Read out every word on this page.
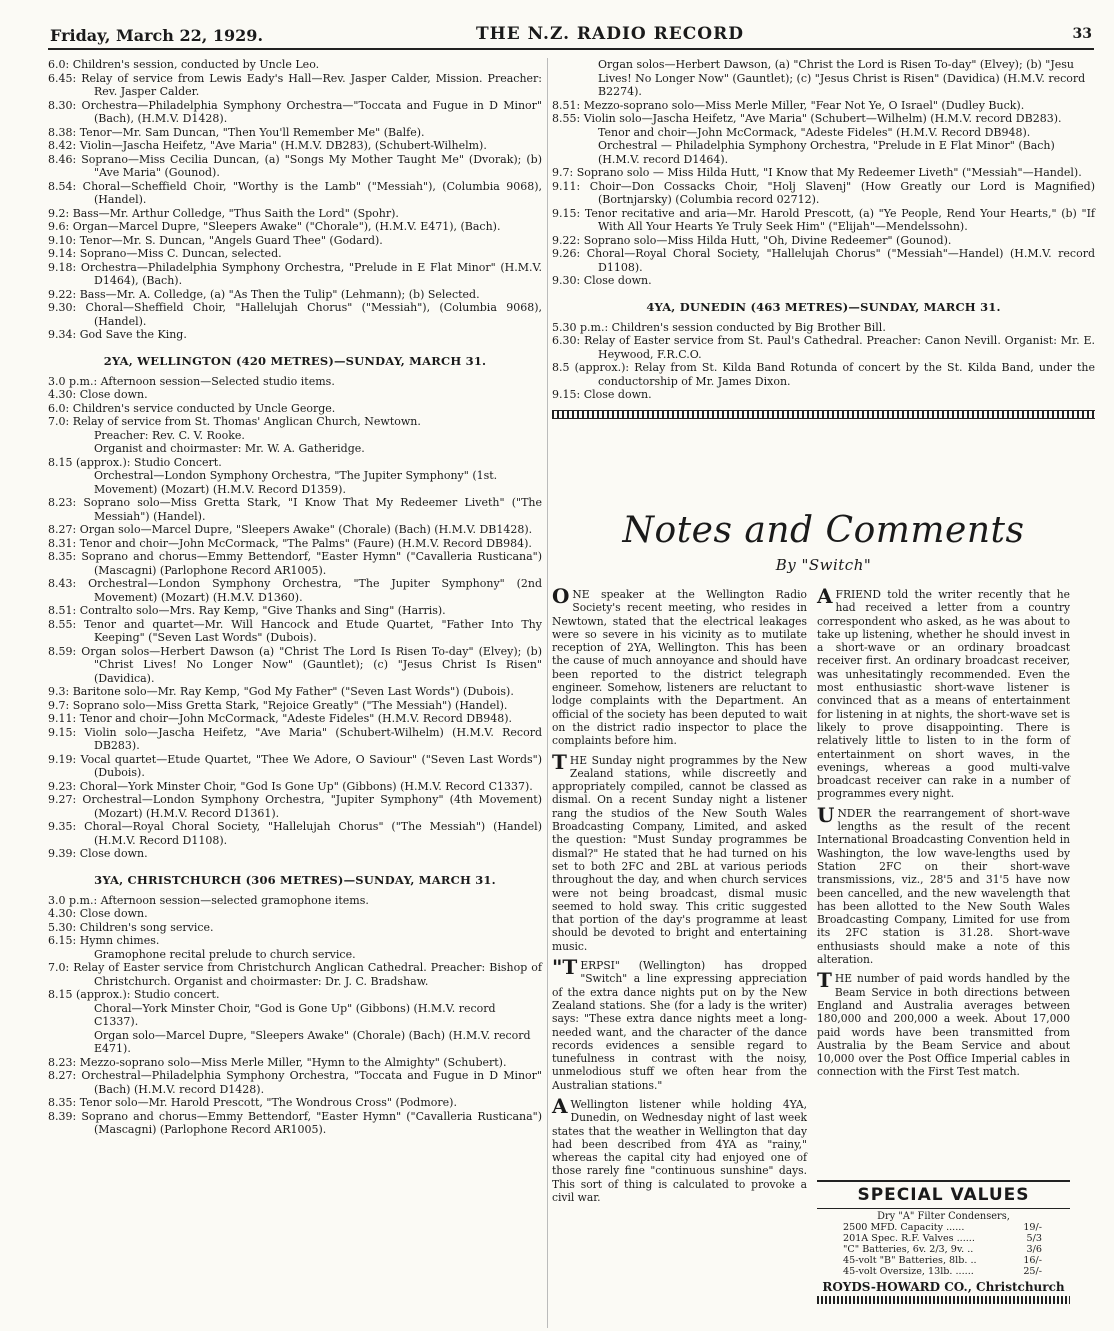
Friday, March 22, 1929.	THE N.Z. RADIO RECORD	33
6.0: Children's session, conducted by Uncle Leo.
6.45: Relay of service from Lewis Eady's Hall—Rev. Jasper Calder, Mission. Preacher: Rev. Jasper Calder.
8.30: Orchestra—Philadelphia Symphony Orchestra—"Toccata and Fugue in D Minor" (Bach), (H.M.V. D1428).
8.38: Tenor—Mr. Sam Duncan, "Then You'll Remember Me" (Balfe).
8.42: Violin—Jascha Heifetz, "Ave Maria" (H.M.V. DB283), (Schubert-Wilhelm).
8.46: Soprano—Miss Cecilia Duncan, (a) "Songs My Mother Taught Me" (Dvorak); (b) "Ave Maria" (Gounod).
8.54: Choral—Scheffield Choir, "Worthy is the Lamb" ("Messiah"), (Columbia 9068), (Handel).
9.2: Bass—Mr. Arthur Colledge, "Thus Saith the Lord" (Spohr).
9.6: Organ—Marcel Dupre, "Sleepers Awake" ("Chorale"), (H.M.V. E471), (Bach).
9.10: Tenor—Mr. S. Duncan, "Angels Guard Thee" (Godard).
9.14: Soprano—Miss C. Duncan, selected.
9.18: Orchestra—Philadelphia Symphony Orchestra, "Prelude in E Flat Minor" (H.M.V. D1464), (Bach).
9.22: Bass—Mr. A. Colledge, (a) "As Then the Tulip" (Lehmann); (b) Selected.
9.30: Choral—Sheffield Choir, "Hallelujah Chorus" ("Messiah"), (Columbia 9068), (Handel).
9.34: God Save the King.
2YA, WELLINGTON (420 METRES)—SUNDAY, MARCH 31.
3.0 p.m.: Afternoon session—Selected studio items.
4.30: Close down.
6.0: Children's service conducted by Uncle George.
7.0: Relay of service from St. Thomas' Anglican Church, Newtown.
Preacher: Rev. C. V. Rooke.
Organist and choirmaster: Mr. W. A. Gatheridge.
8.15 (approx.): Studio Concert.
Orchestral—London Symphony Orchestra, "The Jupiter Symphony" (1st. Movement) (Mozart) (H.M.V. Record D1359).
8.23: Soprano solo—Miss Gretta Stark, "I Know That My Redeemer Liveth" ("The Messiah") (Handel).
8.27: Organ solo—Marcel Dupre, "Sleepers Awake" (Chorale) (Bach) (H.M.V. DB1428).
8.31: Tenor and choir—John McCormack, "The Palms" (Faure) (H.M.V. Record DB984).
8.35: Soprano and chorus—Emmy Bettendorf, "Easter Hymn" ("Cavalleria Rusticana") (Mascagni) (Parlophone Record AR1005).
8.43: Orchestral—London Symphony Orchestra, "The Jupiter Symphony" (2nd Movement) (Mozart) (H.M.V. D1360).
8.51: Contralto solo—Mrs. Ray Kemp, "Give Thanks and Sing" (Harris).
8.55: Tenor and quartet—Mr. Will Hancock and Etude Quartet, "Father Into Thy Keeping" ("Seven Last Words" (Dubois).
8.59: Organ solos—Herbert Dawson (a) "Christ The Lord Is Risen To-day" (Elvey); (b) "Christ Lives! No Longer Now" (Gauntlet); (c) "Jesus Christ Is Risen" (Davidica).
9.3: Baritone solo—Mr. Ray Kemp, "God My Father" ("Seven Last Words") (Dubois).
9.7: Soprano solo—Miss Gretta Stark, "Rejoice Greatly" ("The Messiah") (Handel).
9.11: Tenor and choir—John McCormack, "Adeste Fideles" (H.M.V. Record DB948).
9.15: Violin solo—Jascha Heifetz, "Ave Maria" (Schubert-Wilhelm) (H.M.V. Record DB283).
9.19: Vocal quartet—Etude Quartet, "Thee We Adore, O Saviour" ("Seven Last Words") (Dubois).
9.23: Choral—York Minster Choir, "God Is Gone Up" (Gibbons) (H.M.V. Record C1337).
9.27: Orchestral—London Symphony Orchestra, "Jupiter Symphony" (4th Movement) (Mozart) (H.M.V. Record D1361).
9.35: Choral—Royal Choral Society, "Hallelujah Chorus" ("The Messiah") (Handel) (H.M.V. Record D1108).
9.39: Close down.
3YA, CHRISTCHURCH (306 METRES)—SUNDAY, MARCH 31.
3.0 p.m.: Afternoon session—selected gramophone items.
4.30: Close down.
5.30: Children's song service.
6.15: Hymn chimes.
Gramophone recital prelude to church service.
7.0: Relay of Easter service from Christchurch Anglican Cathedral. Preacher: Bishop of Christchurch. Organist and choirmaster: Dr. J. C. Bradshaw.
8.15 (approx.): Studio concert.
Choral—York Minster Choir, "God is Gone Up" (Gibbons) (H.M.V. record C1337).
Organ solo—Marcel Dupre, "Sleepers Awake" (Chorale) (Bach) (H.M.V. record E471).
8.23: Mezzo-soprano solo—Miss Merle Miller, "Hymn to the Almighty" (Schubert).
8.27: Orchestral—Philadelphia Symphony Orchestra, "Toccata and Fugue in D Minor" (Bach) (H.M.V. record D1428).
8.35: Tenor solo—Mr. Harold Prescott, "The Wondrous Cross" (Podmore).
8.39: Soprano and chorus—Emmy Bettendorf, "Easter Hymn" ("Cavalleria Rusticana") (Mascagni) (Parlophone Record AR1005).
Organ solos—Herbert Dawson, (a) "Christ the Lord is Risen To-day" (Elvey); (b) "Jesu Lives! No Longer Now" (Gauntlet); (c) "Jesus Christ is Risen" (Davidica) (H.M.V. record B2274).
8.51: Mezzo-soprano solo—Miss Merle Miller, "Fear Not Ye, O Israel" (Dudley Buck).
8.55: Violin solo—Jascha Heifetz, "Ave Maria" (Schubert—Wilhelm) (H.M.V. record DB283).
Tenor and choir—John McCormack, "Adeste Fideles" (H.M.V. Record DB948).
Orchestral — Philadelphia Symphony Orchestra, "Prelude in E Flat Minor" (Bach) (H.M.V. record D1464).
9.7: Soprano solo — Miss Hilda Hutt, "I Know that My Redeemer Liveth" ("Messiah"—Handel).
9.11: Choir—Don Cossacks Choir, "Holj Slavenj" (How Greatly our Lord is Magnified) (Bortnjarsky) (Columbia record 02712).
9.15: Tenor recitative and aria—Mr. Harold Prescott, (a) "Ye People, Rend Your Hearts," (b) "If With All Your Hearts Ye Truly Seek Him" ("Elijah"—Mendelssohn).
9.22: Soprano solo—Miss Hilda Hutt, "Oh, Divine Redeemer" (Gounod).
9.26: Choral—Royal Choral Society, "Hallelujah Chorus" ("Messiah"—Handel) (H.M.V. record D1108).
9.30: Close down.
4YA, DUNEDIN (463 METRES)—SUNDAY, MARCH 31.
5.30 p.m.: Children's session conducted by Big Brother Bill.
6.30: Relay of Easter service from St. Paul's Cathedral. Preacher: Canon Nevill. Organist: Mr. E. Heywood, F.R.C.O.
8.5 (approx.): Relay from St. Kilda Band Rotunda of concert by the St. Kilda Band, under the conductorship of Mr. James Dixon.
9.15: Close down.
Notes and Comments
By "Switch"

ONE speaker at the Wellington Radio Society's recent meeting, who resides in Newtown, stated that the electrical leakages were so severe in his vicinity as to mutilate reception of 2YA, Wellington. This has been the cause of much annoyance and should have been reported to the district telegraph engineer. Somehow, listeners are reluctant to lodge complaints with the Department. An official of the society has been deputed to wait on the district radio inspector to place the complaints before him.

THE Sunday night programmes by the New Zealand stations, while discreetly and appropriately compiled, cannot be classed as dismal. On a recent Sunday night a listener rang the studios of the New South Wales Broadcasting Company, Limited, and asked the question: "Must Sunday programmes be dismal?" He stated that he had turned on his set to both 2FC and 2BL at various periods throughout the day, and when church services were not being broadcast, dismal music seemed to hold sway. This critic suggested that portion of the day's programme at least should be devoted to bright and entertaining music.

"TERPSI" (Wellington) has dropped "Switch" a line expressing appreciation of the extra dance nights put on by the New Zealand stations. She (for a lady is the writer) says: "These extra dance nights meet a long-needed want, and the character of the dance records evidences a sensible regard to tunefulness in contrast with the noisy, unmelodious stuff we often hear from the Australian stations."

A Wellington listener while holding 4YA, Dunedin, on Wednesday night of last week states that the weather in Wellington that day had been described from 4YA as "rainy," whereas the capital city had enjoyed one of those rarely fine "continuous sunshine" days. This sort of thing is calculated to provoke a civil war.

AFRIEND told the writer recently that he had received a letter from a country correspondent who asked, as he was about to take up listening, whether he should invest in a short-wave or an ordinary broadcast receiver first. An ordinary broadcast receiver, was unhesitatingly recommended. Even the most enthusiastic short-wave listener is convinced that as a means of entertainment for listening in at nights, the short-wave set is likely to prove disappointing. There is relatively little to listen to in the form of entertainment on short waves, in the evenings, whereas a good multi-valve broadcast receiver can rake in a number of programmes every night.

UNDER the rearrangement of short-wave lengths as the result of the recent International Broadcasting Convention held in Washington, the low wave-lengths used by Station 2FC on their short-wave transmissions, viz., 28'5 and 31'5 have now been cancelled, and the new wavelength that has been allotted to the New South Wales Broadcasting Company, Limited for use from its 2FC station is 31.28. Short-wave enthusiasts should make a note of this alteration.

THE number of paid words handled by the Beam Service in both directions between England and Australia averages between 180,000 and 200,000 a week. About 17,000 paid words have been transmitted from Australia by the Beam Service and about 10,000 over the Post Office Imperial cables in connection with the First Test match.

SPECIAL VALUES
Dry "A" Filter Condensers,
2500 MFD. Capacity ......	19/-
201A Spec. R.F. Valves ......	5/3
"C" Batteries, 6v. 2/3, 9v. ..	3/6
45-volt "B" Batteries, 8lb. ..	16/-
45-volt Oversize, 13lb. ......	25/-
ROYDS-HOWARD CO., Christchurch
